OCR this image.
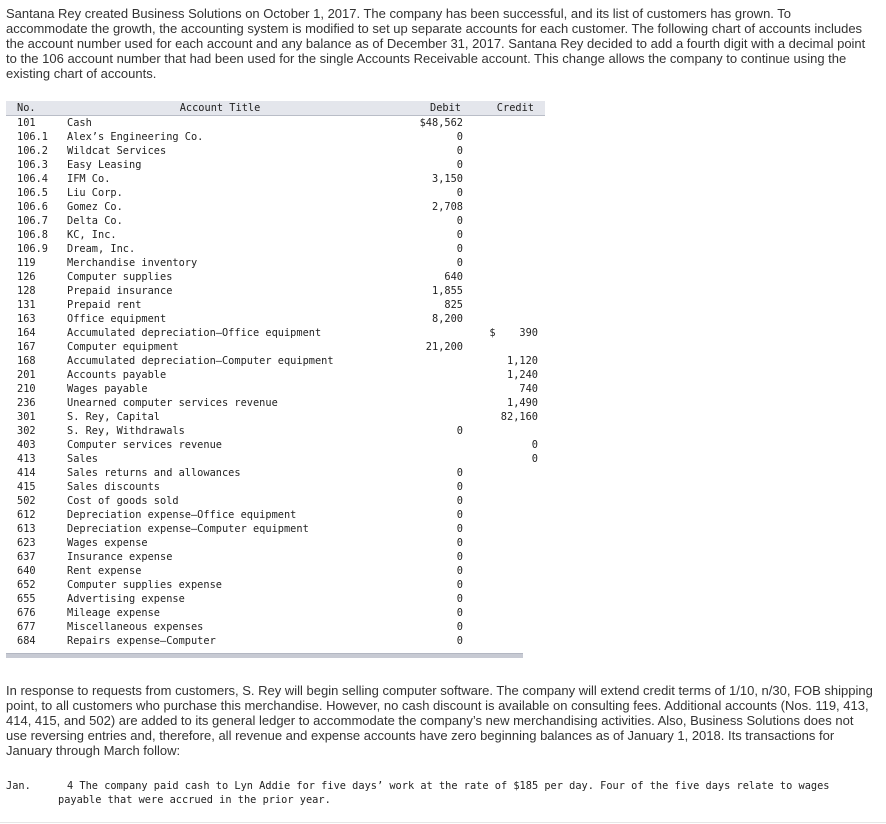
Santana Rey created Business Solutions on October 1, 2017. The company has been successful, and its list of customers has grown. To accommodate the growth, the accounting system is modified to set up separate accounts for each customer. The following chart of accounts includes the account number used for each account and any balance as of December 31, 2017. Santana Rey decided to add a fourth digit with a decimal point to the 106 account number that had been used for the single Accounts Receivable account. This change allows the company to continue using the existing chart of accounts.
No.	Account Title	Debit	Credit
101	Cash	$48,562	
106.1	Alex’s Engineering Co.	0	
106.2	Wildcat Services	0	
106.3	Easy Leasing	0	
106.4	IFM Co.	3,150	
106.5	Liu Corp.	0	
106.6	Gomez Co.	2,708	
106.7	Delta Co.	0	
106.8	KC, Inc.	0	
106.9	Dream, Inc.	0	
119	Merchandise inventory	0	
126	Computer supplies	640	
128	Prepaid insurance	1,855	
131	Prepaid rent	825	
163	Office equipment	8,200	
164	Accumulated depreciation—Office equipment		$ 390
167	Computer equipment	21,200	
168	Accumulated depreciation—Computer equipment		1,120
201	Accounts payable		1,240
210	Wages payable		740
236	Unearned computer services revenue		1,490
301	S. Rey, Capital		82,160
302	S. Rey, Withdrawals	0	
403	Computer services revenue		0
413	Sales		0
414	Sales returns and allowances	0	
415	Sales discounts	0	
502	Cost of goods sold	0	
612	Depreciation expense—Office equipment	0	
613	Depreciation expense—Computer equipment	0	
623	Wages expense	0	
637	Insurance expense	0	
640	Rent expense	0	
652	Computer supplies expense	0	
655	Advertising expense	0	
676	Mileage expense	0	
677	Miscellaneous expenses	0	
684	Repairs expense—Computer	0	
In response to requests from customers, S. Rey will begin selling computer software. The company will extend credit terms of 1/10, n/30, FOB shipping point, to all customers who purchase this merchandise. However, no cash discount is available on consulting fees. Additional accounts (Nos. 119, 413, 414, 415, and 502) are added to its general ledger to accommodate the company’s new merchandising activities. Also, Business Solutions does not use reversing entries and, therefore, all revenue and expense accounts have zero beginning balances as of January 1, 2018. Its transactions for January through March follow:
Jan.	4 The company paid cash to Lyn Addie for five days’ work at the rate of $185 per day. Four of the five days relate to wages
payable that were accrued in the prior year.
